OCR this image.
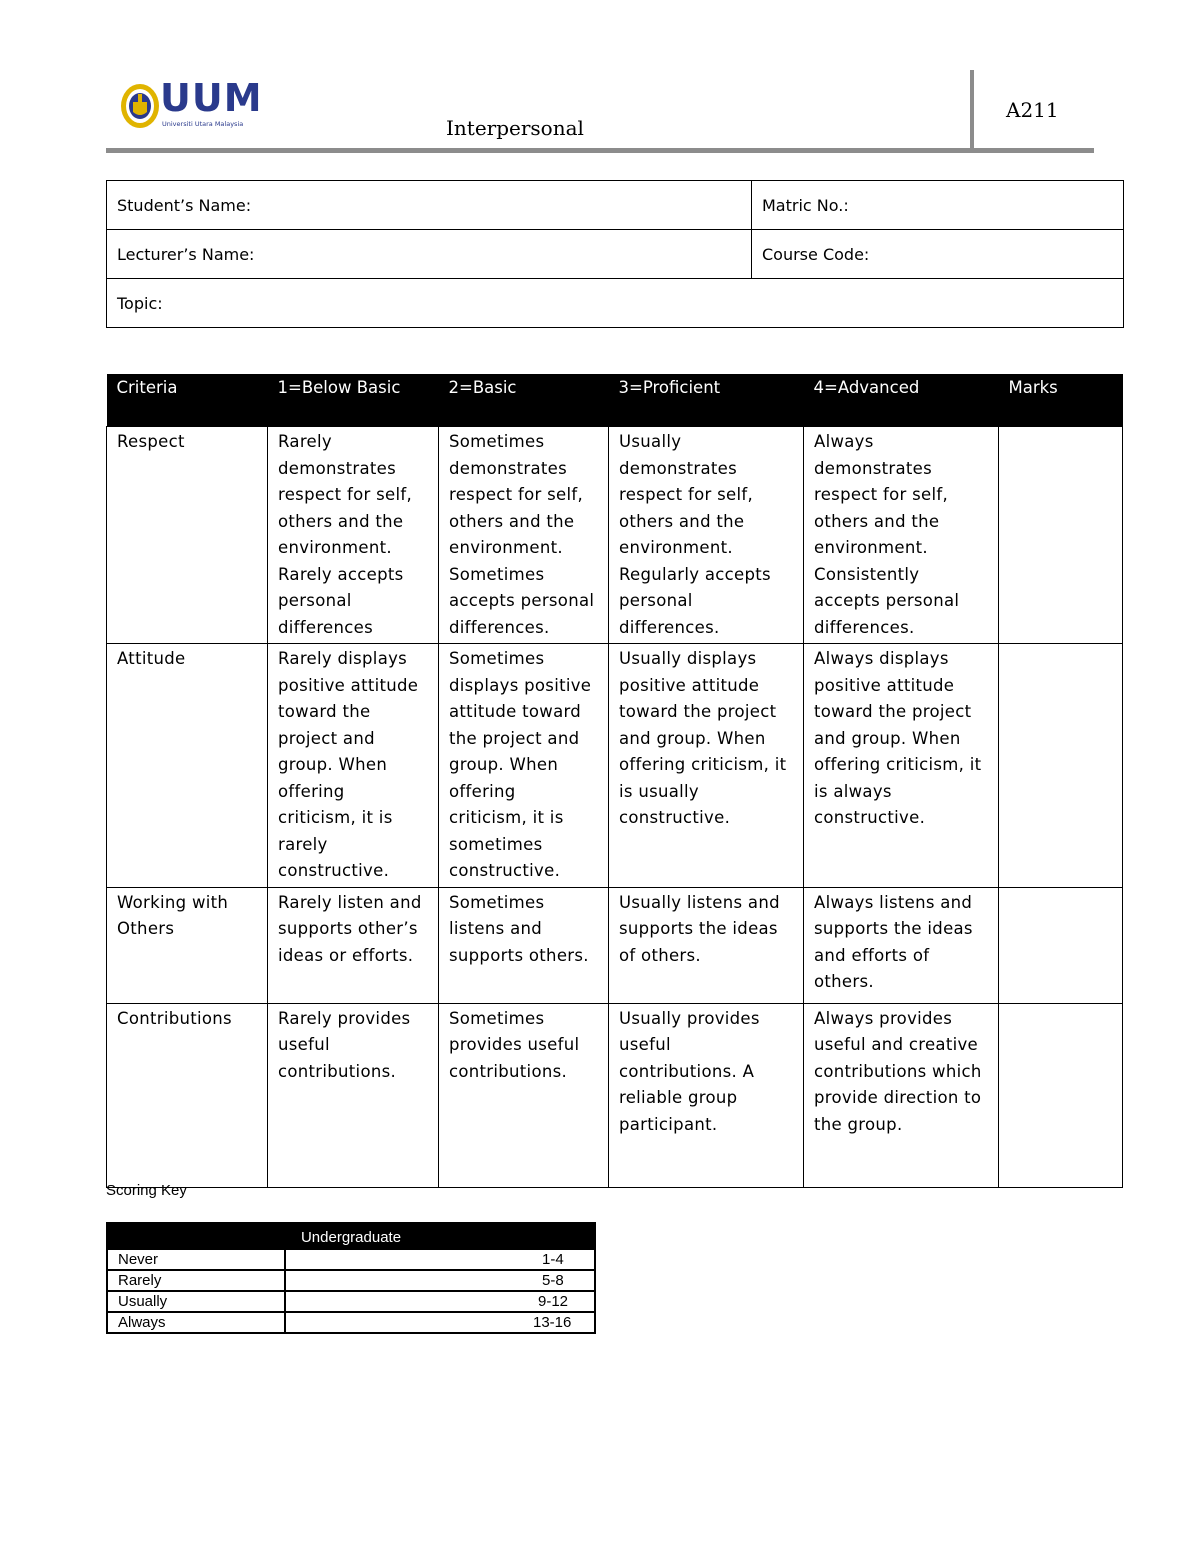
UUM
Universiti Utara Malaysia	Interpersonal
A211
Student’s Name:	Matric No.:
Lecturer’s Name:	Course Code:
Topic:	
Criteria	1=Below Basic	2=Basic	3=Proficient	4=Advanced	Marks
Respect	Rarely demonstrates respect for self, others and the environment. Rarely accepts personal differences	Sometimes demonstrates respect for self, others and the environment. Sometimes accepts personal differences.	Usually demonstrates respect for self, others and the environment. Regularly accepts personal differences.	Always demonstrates respect for self, others and the environment. Consistently accepts personal differences.	
Attitude	Rarely displays positive attitude toward the project and group. When offering criticism, it is rarely constructive.	Sometimes displays positive attitude toward the project and group. When offering criticism, it is sometimes constructive.	Usually displays positive attitude toward the project and group. When offering criticism, it is usually constructive.	Always displays positive attitude toward the project and group. When offering criticism, it is always constructive.	
Working with Others	Rarely listen and supports other’s ideas or efforts.	Sometimes listens and supports others.	Usually listens and supports the ideas of others.	Always listens and supports the ideas and efforts of others.	
Contributions	Rarely provides useful contributions.	Sometimes provides useful contributions.	Usually provides useful contributions. A reliable group participant.	Always provides useful and creative contributions which provide direction to the group.	
Scoring Key
Undergraduate	
Never	1-4
Rarely	5-8
Usually	9-12
Always	13-16
